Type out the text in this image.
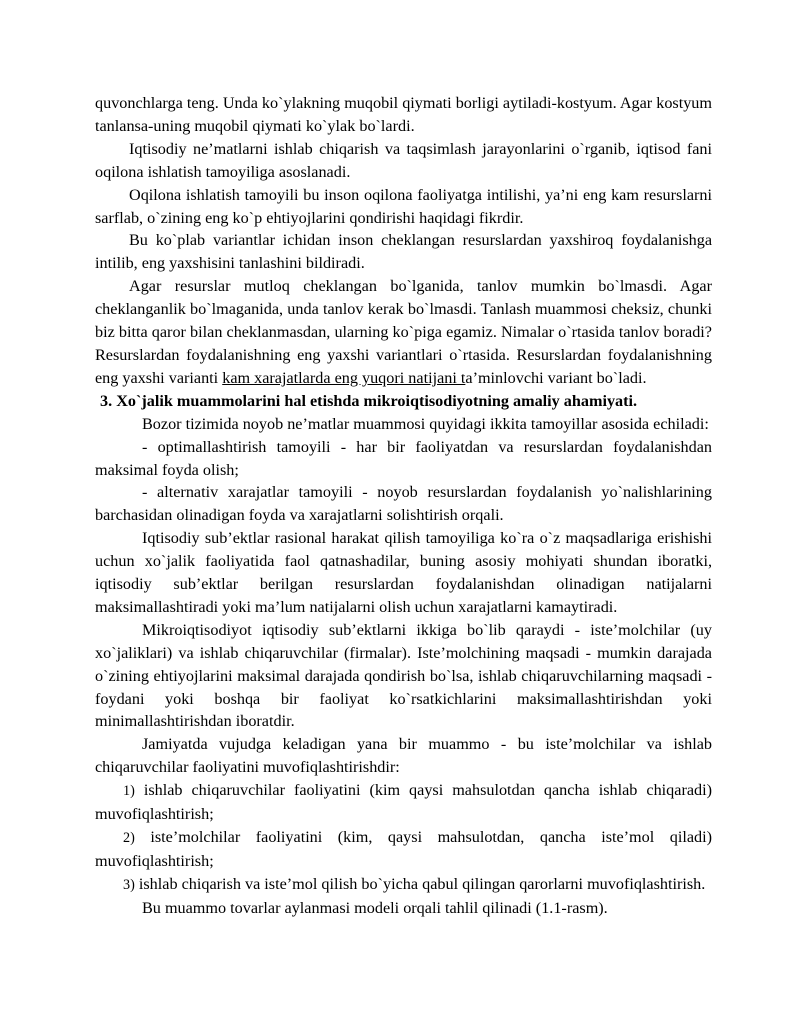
quvonchlarga teng. Unda ko`ylakning muqobil qiymati borligi aytiladi-kostyum. Agar kostyum tanlansa-uning muqobil qiymati ko`ylak bo`lardi.

Iqtisodiy ne’matlarni ishlab chiqarish va taqsimlash jarayonlarini o`rganib, iqtisod fani oqilona ishlatish tamoyiliga asoslanadi.

Oqilona ishlatish tamoyili bu inson oqilona faoliyatga intilishi, ya’ni eng kam resurslarni sarflab, o`zining eng ko`p ehtiyojlarini qondirishi haqidagi fikrdir.

Bu ko`plab variantlar ichidan inson cheklangan resurslardan yaxshiroq foydalanishga intilib, eng yaxshisini tanlashini bildiradi.

Agar resurslar mutloq cheklangan bo`lganida, tanlov mumkin bo`lmasdi. Agar cheklanganlik bo`lmaganida, unda tanlov kerak bo`lmasdi. Tanlash muammosi cheksiz, chunki biz bitta qaror bilan cheklanmasdan, ularning ko`piga egamiz. Nimalar o`rtasida tanlov boradi? Resurslardan foydalanishning eng yaxshi variantlari o`rtasida. Resurslardan foydalanishning eng yaxshi varianti kam xarajatlarda eng yuqori natijani ta’minlovchi variant bo`ladi.

3. Xo`jalik muammolarini hal etishda mikroiqtisodiyotning amaliy ahamiyati.

Bozor tizimida noyob ne’matlar muammosi quyidagi ikkita tamoyillar asosida echiladi:

- optimallashtirish tamoyili - har bir faoliyatdan va resurslardan foydalanishdan maksimal foyda olish;

- alternativ xarajatlar tamoyili - noyob resurslardan foydalanish yo`nalishlarining barchasidan olinadigan foyda va xarajatlarni solishtirish orqali.

Iqtisodiy sub’ektlar rasional harakat qilish tamoyiliga ko`ra o`z maqsadlariga erishishi uchun xo`jalik faoliyatida faol qatnashadilar, buning asosiy mohiyati shundan iboratki, iqtisodiy sub’ektlar berilgan resurslardan foydalanishdan olinadigan natijalarni maksimallashtiradi yoki ma’lum natijalarni olish uchun xarajatlarni kamaytiradi.

Mikroiqtisodiyot iqtisodiy sub’ektlarni ikkiga bo`lib qaraydi - iste’molchilar (uy xo`jaliklari) va ishlab chiqaruvchilar (firmalar). Iste’molchining maqsadi - mumkin darajada o`zining ehtiyojlarini maksimal darajada qondirish bo`lsa, ishlab chiqaruvchilarning maqsadi - foydani yoki boshqa bir faoliyat ko`rsatkichlarini maksimallashtirishdan yoki minimallashtirishdan iboratdir.

Jamiyatda vujudga keladigan yana bir muammo - bu iste’molchilar va ishlab chiqaruvchilar faoliyatini muvofiqlashtirishdir:

1) ishlab chiqaruvchilar faoliyatini (kim qaysi mahsulotdan qancha ishlab chiqaradi) muvofiqlashtirish;

2) iste’molchilar faoliyatini (kim, qaysi mahsulotdan, qancha iste’mol qiladi) muvofiqlashtirish;

3) ishlab chiqarish va iste’mol qilish bo`yicha qabul qilingan qarorlarni muvofiqlashtirish.

Bu muammo tovarlar aylanmasi modeli orqali tahlil qilinadi (1.1-rasm).
